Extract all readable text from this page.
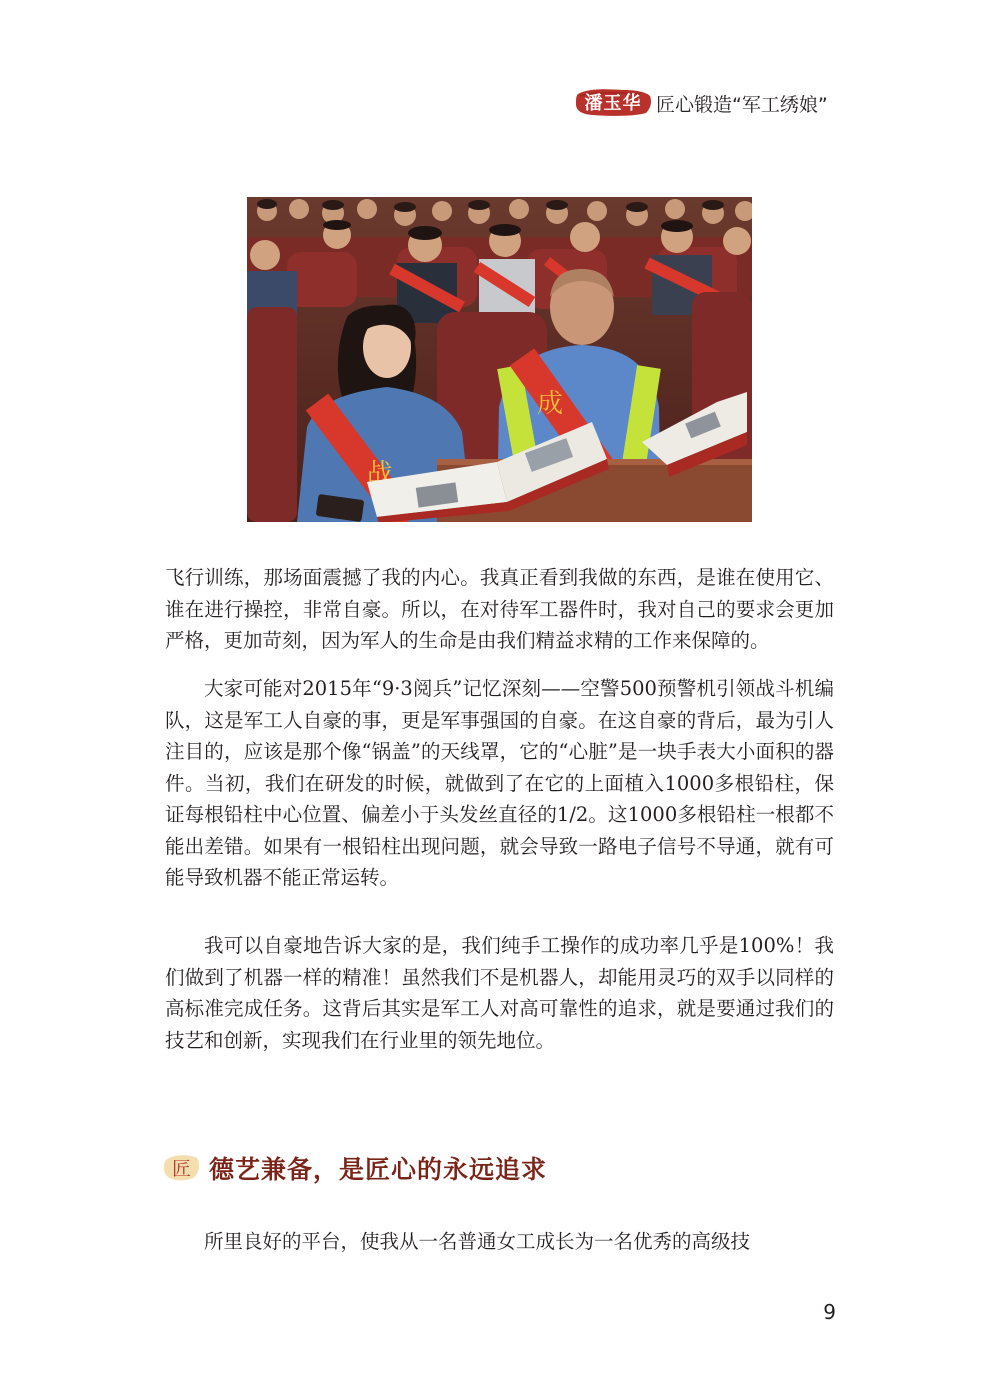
潘玉华 匠心锻造“军工绣娘”
战
成

飞行训练，那场面震撼了我的内心。我真正看到我做的东西，是谁在使用它、谁在进行操控，非常自豪。所以，在对待军工器件时，我对自己的要求会更加严格，更加苛刻，因为军人的生命是由我们精益求精的工作来保障的。

大家可能对2015年“9·3阅兵”记忆深刻——空警500预警机引领战斗机编队，这是军工人自豪的事，更是军事强国的自豪。在这自豪的背后，最为引人注目的，应该是那个像“锅盖”的天线罩，它的“心脏”是一块手表大小面积的器件。当初，我们在研发的时候，就做到了在它的上面植入1000多根铅柱，保证每根铅柱中心位置、偏差小于头发丝直径的1/2。这1000多根铅柱一根都不能出差错。如果有一根铅柱出现问题，就会导致一路电子信号不导通，就有可能导致机器不能正常运转。

我可以自豪地告诉大家的是，我们纯手工操作的成功率几乎是100%！我们做到了机器一样的精准！虽然我们不是机器人，却能用灵巧的双手以同样的高标准完成任务。这背后其实是军工人对高可靠性的追求，就是要通过我们的技艺和创新，实现我们在行业里的领先地位。

匠 德艺兼备，是匠心的永远追求

所里良好的平台，使我从一名普通女工成长为一名优秀的高级技

9
